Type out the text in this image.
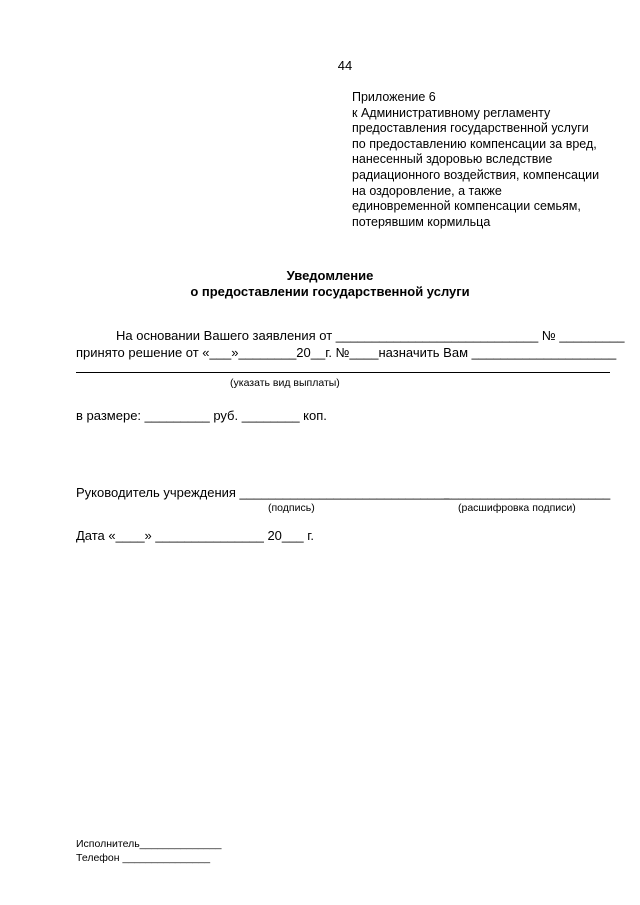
44
Приложение 6
к Административному регламенту
предоставления государственной услуги
по предоставлению компенсации за вред,
нанесенный здоровью вследствие
радиационного воздействия, компенсации
на оздоровление, а также
единовременной компенсации семьям,
потерявшим кормильца
Уведомление
о предоставлении государственной услуги
На основании Вашего заявления от ____________________________ № _________
принято решение от «___»________20__г. №____назначить Вам ____________________
(указать вид выплаты)
в размере: _________ руб. ________ коп.
Руководитель учреждения _____________________________
_______________________
(подпись)	(расшифровка подписи)
Дата «____» _______________ 20___ г.
Исполнитель______________
Телефон _______________
